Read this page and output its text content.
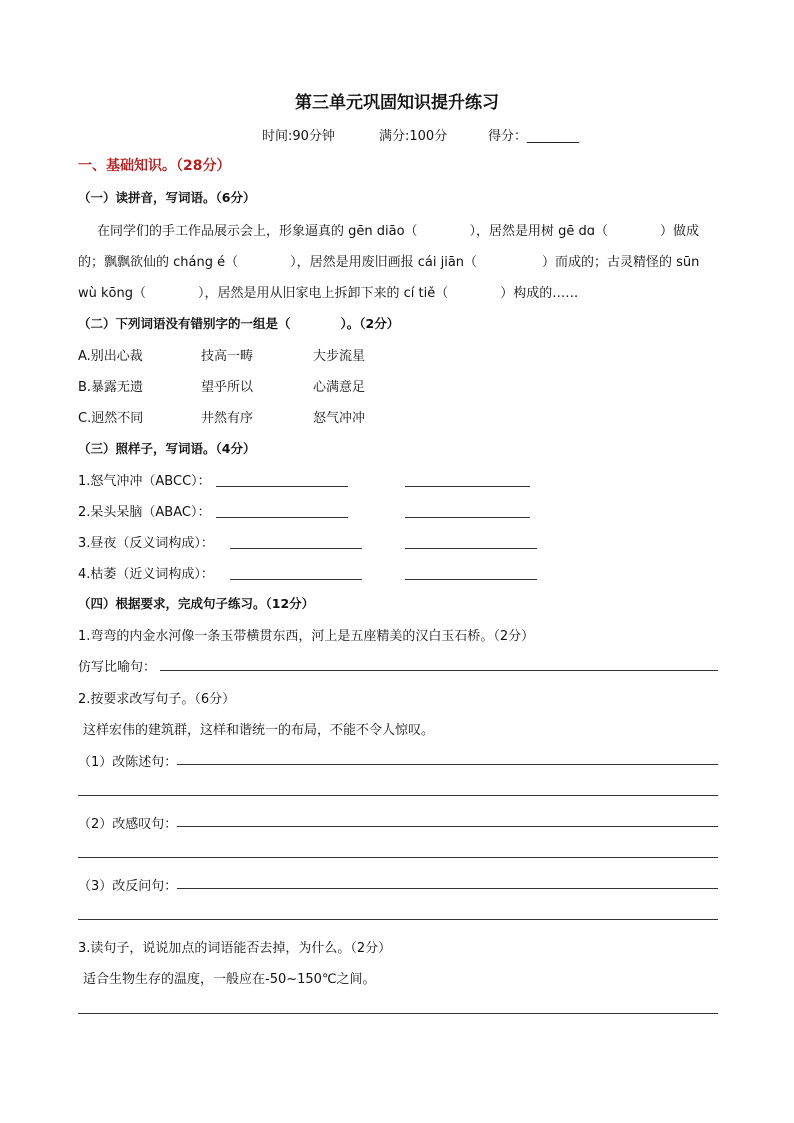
第三单元巩固知识提升练习
时间:90分钟	满分:100分	得分：________
一、基础知识。（28分）
（一）读拼音，写词语。（6分）
在同学们的手工作品展示会上，形象逼真的 gēn diāo（　　　　），居然是用树 gē dɑ（　　　　）做成
的；飘飘欲仙的 cháng é（　　　　），居然是用废旧画报 cái jiān（　　　　　）而成的；古灵精怪的 sūn
wù kōng（　　　　），居然是用从旧家电上拆卸下来的 cí tiě（　　　　）构成的……
（二）下列词语没有错别字的一组是（　　　　）。（2分）
A.别出心裁	技高一畴	大步流星
B.暴露无遗	望乎所以	心满意足
C.迥然不同	井然有序	怒气冲冲
（三）照样子，写词语。（4分）
1.怒气冲冲（ABCC）：
2.呆头呆脑（ABAC）：
3.昼夜（反义词构成）：
4.枯萎（近义词构成）：
（四）根据要求，完成句子练习。（12分）
1.弯弯的内金水河像一条玉带横贯东西，河上是五座精美的汉白玉石桥。（2分）
仿写比喻句：
2.按要求改写句子。（6分）
这样宏伟的建筑群，这样和谐统一的布局，不能不令人惊叹。
（1）改陈述句：
（2）改感叹句：
（3）改反问句：
3.读句子，说说加点的词语能否去掉，为什么。（2分）
适合生物生存的温度，一般应在-50~150℃之间。
